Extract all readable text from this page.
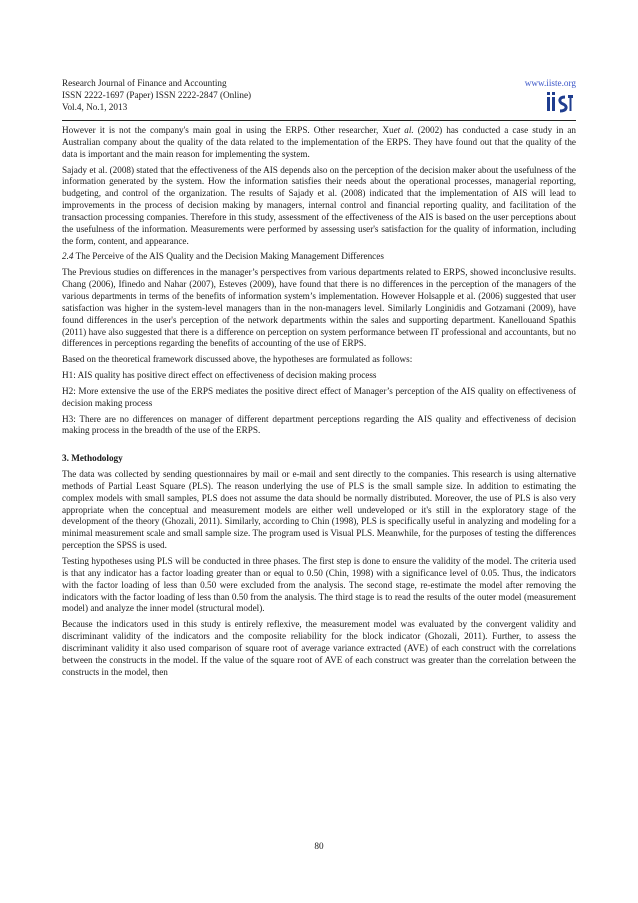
Research Journal of Finance and Accounting
ISSN 2222-1697 (Paper) ISSN 2222-2847 (Online)
Vol.4, No.1, 2013
www.iiste.org

However it is not the company's main goal in using the ERPS. Other researcher, Xuet al. (2002) has conducted a case study in an Australian company about the quality of the data related to the implementation of the ERPS. They have found out that the quality of the data is important and the main reason for implementing the system.

Sajady et al. (2008) stated that the effectiveness of the AIS depends also on the perception of the decision maker about the usefulness of the information generated by the system. How the information satisfies their needs about the operational processes, managerial reporting, budgeting, and control of the organization. The results of Sajady et al. (2008) indicated that the implementation of AIS will lead to improvements in the process of decision making by managers, internal control and financial reporting quality, and facilitation of the transaction processing companies. Therefore in this study, assessment of the effectiveness of the AIS is based on the user perceptions about the usefulness of the information. Measurements were performed by assessing user's satisfaction for the quality of information, including the form, content, and appearance.

2.4 The Perceive of the AIS Quality and the Decision Making Management Differences

The Previous studies on differences in the manager’s perspectives from various departments related to ERPS, showed inconclusive results. Chang (2006), Ifinedo and Nahar (2007), Esteves (2009), have found that there is no differences in the perception of the managers of the various departments in terms of the benefits of information system’s implementation. However Holsapple et al. (2006) suggested that user satisfaction was higher in the system-level managers than in the non-managers level. Similarly Longinidis and Gotzamani (2009), have found differences in the user's perception of the network departments within the sales and supporting department. Kanellouand Spathis (2011) have also suggested that there is a difference on perception on system performance between IT professional and accountants, but no differences in perceptions regarding the benefits of accounting of the use of ERPS.

Based on the theoretical framework discussed above, the hypotheses are formulated as follows:

H1: AIS quality has positive direct effect on effectiveness of decision making process

H2: More extensive the use of the ERPS mediates the positive direct effect of Manager’s perception of the AIS quality on effectiveness of decision making process

H3: There are no differences on manager of different department perceptions regarding the AIS quality and effectiveness of decision making process in the breadth of the use of the ERPS.

3. Methodology

The data was collected by sending questionnaires by mail or e-mail and sent directly to the companies. This research is using alternative methods of Partial Least Square (PLS). The reason underlying the use of PLS is the small sample size. In addition to estimating the complex models with small samples, PLS does not assume the data should be normally distributed. Moreover, the use of PLS is also very appropriate when the conceptual and measurement models are either well undeveloped or it's still in the exploratory stage of the development of the theory (Ghozali, 2011). Similarly, according to Chin (1998), PLS is specifically useful in analyzing and modeling for a minimal measurement scale and small sample size. The program used is Visual PLS. Meanwhile, for the purposes of testing the differences perception the SPSS is used.

Testing hypotheses using PLS will be conducted in three phases. The first step is done to ensure the validity of the model. The criteria used is that any indicator has a factor loading greater than or equal to 0.50 (Chin, 1998) with a significance level of 0.05. Thus, the indicators with the factor loading of less than 0.50 were excluded from the analysis. The second stage, re-estimate the model after removing the indicators with the factor loading of less than 0.50 from the analysis. The third stage is to read the results of the outer model (measurement model) and analyze the inner model (structural model).

Because the indicators used in this study is entirely reflexive, the measurement model was evaluated by the convergent validity and discriminant validity of the indicators and the composite reliability for the block indicator (Ghozali, 2011). Further, to assess the discriminant validity it also used comparison of square root of average variance extracted (AVE) of each construct with the correlations between the constructs in the model. If the value of the square root of AVE of each construct was greater than the correlation between the constructs in the model, then

80
